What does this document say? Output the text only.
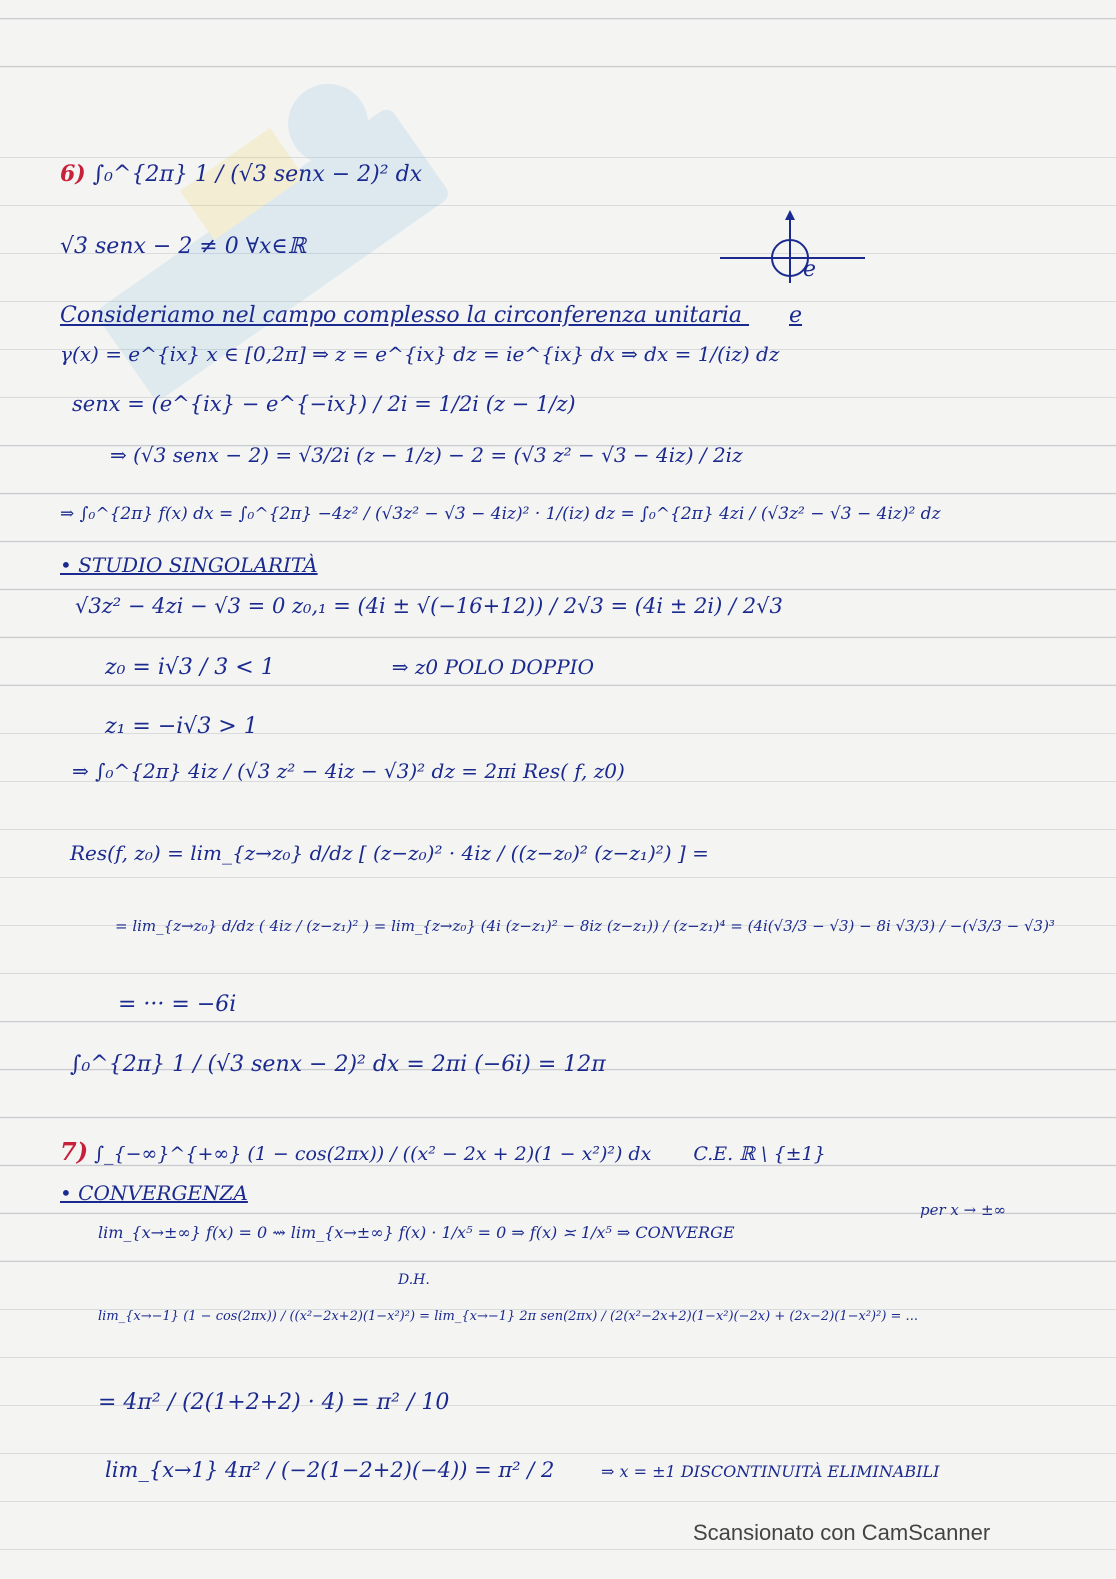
6) ∫₀^{2π} 1 / (√3 senx − 2)² dx
√3 senx − 2 ≠ 0 ∀x∈ℝ
e
Consideriamo nel campo complesso la circonferenza unitaria e
γ(x) = e^{ix} x ∈ [0,2π] ⇒ z = e^{ix} dz = ie^{ix} dx ⇒ dx = 1/(iz) dz
senx = (e^{ix} − e^{−ix}) / 2i = 1/2i (z − 1/z)
⇒ (√3 senx − 2) = √3/2i (z − 1/z) − 2 = (√3 z² − √3 − 4iz) / 2iz
⇒ ∫₀^{2π} f(x) dx = ∫₀^{2π} −4z² / (√3z² − √3 − 4iz)² · 1/(iz) dz = ∫₀^{2π} 4zi / (√3z² − √3 − 4iz)² dz
• STUDIO SINGOLARITÀ
√3z² − 4zi − √3 = 0 z₀,₁ = (4i ± √(−16+12)) / 2√3 = (4i ± 2i) / 2√3
z₀ = i√3 / 3 < 1	⇒ z0 POLO DOPPIO
z₁ = −i√3 > 1
⇒ ∫₀^{2π} 4iz / (√3 z² − 4iz − √3)² dz = 2πi Res( f, z0)
Res(f, z₀) = lim_{z→z₀} d/dz [ (z−z₀)² · 4iz / ((z−z₀)² (z−z₁)²) ] =
= lim_{z→z₀} d/dz ( 4iz / (z−z₁)² ) = lim_{z→z₀} (4i (z−z₁)² − 8iz (z−z₁)) / (z−z₁)⁴ = (4i(√3/3 − √3) − 8i √3/3) / −(√3/3 − √3)³
= ··· = −6i
∫₀^{2π} 1 / (√3 senx − 2)² dx = 2πi (−6i) = 12π
7) ∫_{−∞}^{+∞} (1 − cos(2πx)) / ((x² − 2x + 2)(1 − x²)²) dx C.E. ℝ \ {±1}
• CONVERGENZA
per x → ±∞
lim_{x→±∞} f(x) = 0 ⇝ lim_{x→±∞} f(x) · 1/x⁵ = 0 ⇒ f(x) ≍ 1/x⁵ ⇒ CONVERGE
D.H.
lim_{x→−1} (1 − cos(2πx)) / ((x²−2x+2)(1−x²)²) = lim_{x→−1} 2π sen(2πx) / (2(x²−2x+2)(1−x²)(−2x) + (2x−2)(1−x²)²) = ...
= 4π² / (2(1+2+2) · 4) = π² / 10
lim_{x→1} 4π² / (−2(1−2+2)(−4)) = π² / 2	⇒ x = ±1 DISCONTINUITÀ ELIMINABILI
Scansionato con CamScanner
